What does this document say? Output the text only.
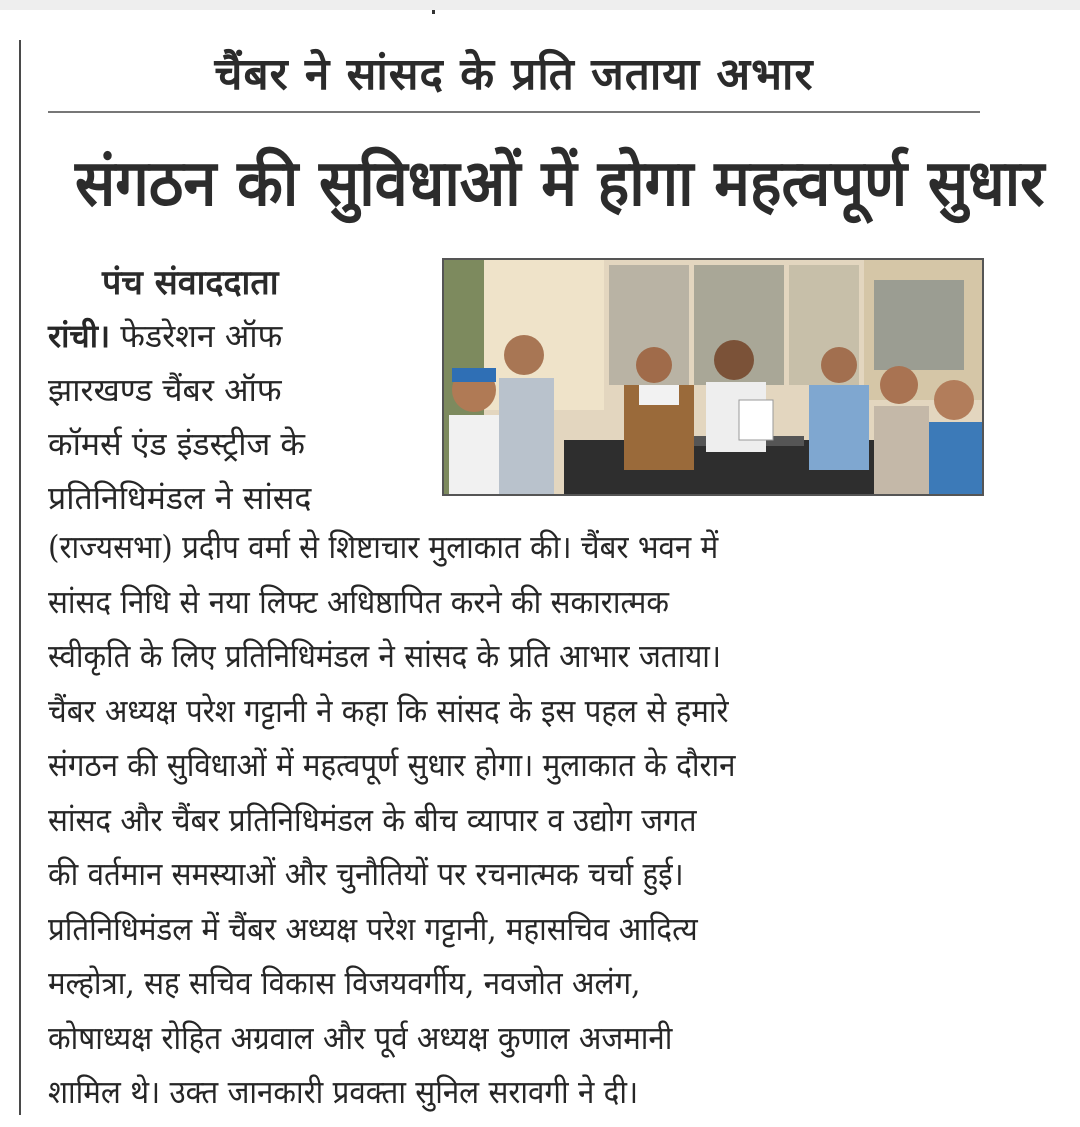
चैंबर ने सांसद के प्रति जताया अभार
संगठन की सुविधाओं में होगा महत्वपूर्ण सुधार
पंच संवाददाता
रांची। फेडरेशन ऑफ
झारखण्ड चैंबर ऑफ
कॉमर्स एंड इंडस्ट्रीज के
प्रतिनिधिमंडल ने सांसद
(राज्यसभा) प्रदीप वर्मा से शिष्टाचार मुलाकात की। चैंबर भवन में
सांसद निधि से नया लिफ्ट अधिष्ठापित करने की सकारात्मक
स्वीकृति के लिए प्रतिनिधिमंडल ने सांसद के प्रति आभार जताया।
चैंबर अध्यक्ष परेश गट्टानी ने कहा कि सांसद के इस पहल से हमारे
संगठन की सुविधाओं में महत्वपूर्ण सुधार होगा। मुलाकात के दौरान
सांसद और चैंबर प्रतिनिधिमंडल के बीच व्यापार व उद्योग जगत
की वर्तमान समस्याओं और चुनौतियों पर रचनात्मक चर्चा हुई।
प्रतिनिधिमंडल में चैंबर अध्यक्ष परेश गट्टानी, महासचिव आदित्य
मल्होत्रा, सह सचिव विकास विजयवर्गीय, नवजोत अलंग,
कोषाध्यक्ष रोहित अग्रवाल और पूर्व अध्यक्ष कुणाल अजमानी
शामिल थे। उक्त जानकारी प्रवक्ता सुनिल सरावगी ने दी।
